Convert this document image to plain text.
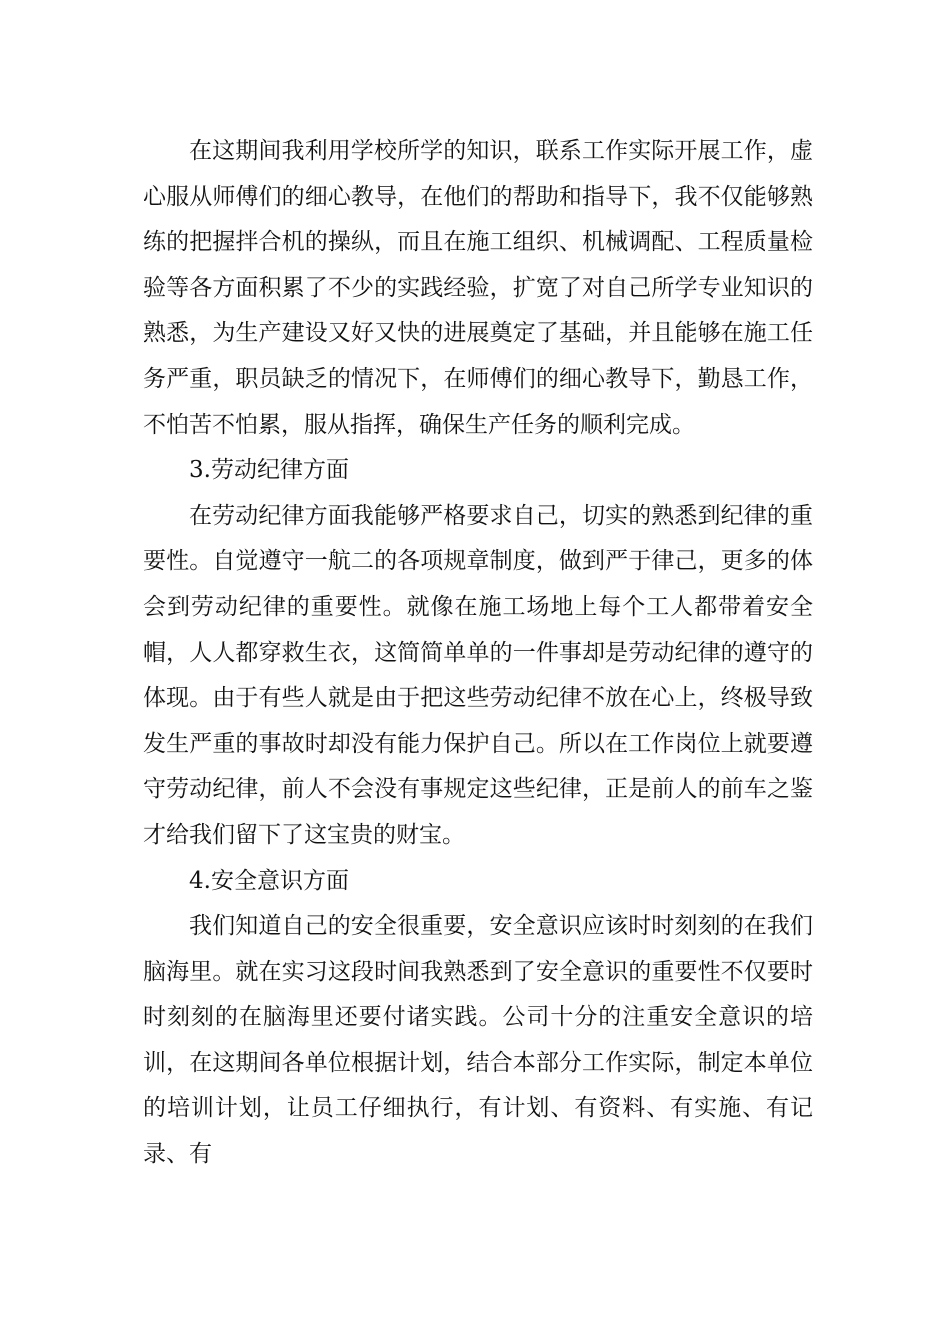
在这期间我利用学校所学的知识，联系工作实际开展工作，虚心服从师傅们的细心教导，在他们的帮助和指导下，我不仅能够熟练的把握拌合机的操纵，而且在施工组织、机械调配、工程质量检验等各方面积累了不少的实践经验，扩宽了对自己所学专业知识的熟悉，为生产建设又好又快的进展奠定了基础，并且能够在施工任务严重，职员缺乏的情况下，在师傅们的细心教导下，勤恳工作，不怕苦不怕累，服从指挥，确保生产任务的顺利完成。

3.劳动纪律方面

在劳动纪律方面我能够严格要求自己，切实的熟悉到纪律的重要性。自觉遵守一航二的各项规章制度，做到严于律己，更多的体会到劳动纪律的重要性。就像在施工场地上每个工人都带着安全帽，人人都穿救生衣，这简简单单的一件事却是劳动纪律的遵守的体现。由于有些人就是由于把这些劳动纪律不放在心上，终极导致发生严重的事故时却没有能力保护自己。所以在工作岗位上就要遵守劳动纪律，前人不会没有事规定这些纪律，正是前人的前车之鉴才给我们留下了这宝贵的财宝。

4.安全意识方面

我们知道自己的安全很重要，安全意识应该时时刻刻的在我们脑海里。就在实习这段时间我熟悉到了安全意识的重要性不仅要时时刻刻的在脑海里还要付诸实践。公司十分的注重安全意识的培训，在这期间各单位根据计划，结合本部分工作实际，制定本单位的培训计划，让员工仔细执行，有计划、有资料、有实施、有记录、有
